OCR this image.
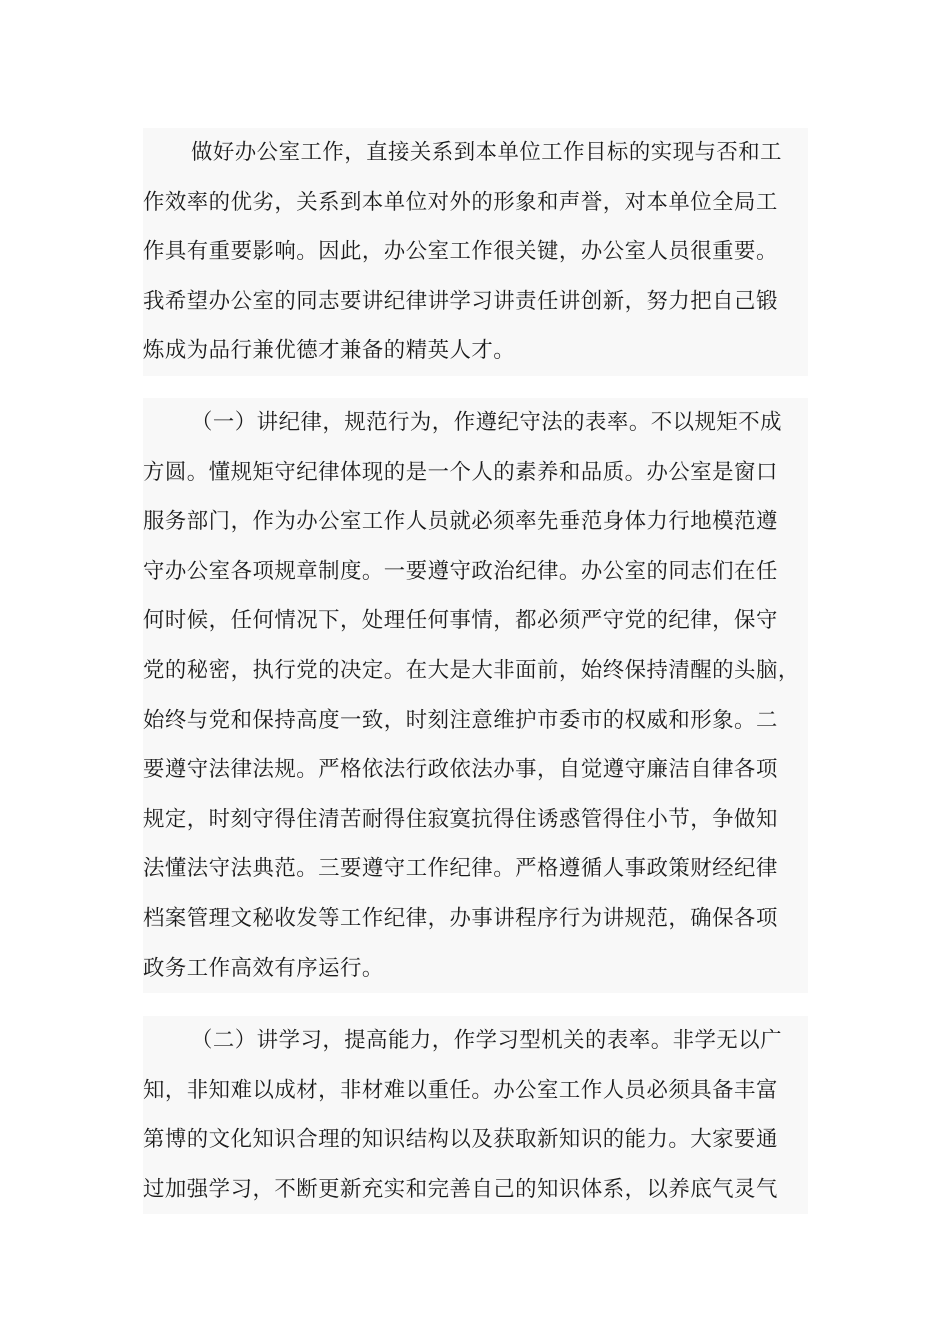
做好办公室工作，直接关系到本单位工作目标的实现与否和工
作效率的优劣，关系到本单位对外的形象和声誉，对本单位全局工
作具有重要影响。因此，办公室工作很关键，办公室人员很重要。
我希望办公室的同志要讲纪律讲学习讲责任讲创新，努力把自己锻
炼成为品行兼优德才兼备的精英人才。
（一）讲纪律，规范行为，作遵纪守法的表率。不以规矩不成
方圆。懂规矩守纪律体现的是一个人的素养和品质。办公室是窗口
服务部门，作为办公室工作人员就必须率先垂范身体力行地模范遵
守办公室各项规章制度。一要遵守政治纪律。办公室的同志们在任
何时候，任何情况下，处理任何事情，都必须严守党的纪律，保守
党的秘密，执行党的决定。在大是大非面前，始终保持清醒的头脑，
始终与党和保持高度一致，时刻注意维护市委市的权威和形象。二
要遵守法律法规。严格依法行政依法办事，自觉遵守廉洁自律各项
规定，时刻守得住清苦耐得住寂寞抗得住诱惑管得住小节，争做知
法懂法守法典范。三要遵守工作纪律。严格遵循人事政策财经纪律
档案管理文秘收发等工作纪律，办事讲程序行为讲规范，确保各项
政务工作高效有序运行。
（二）讲学习，提高能力，作学习型机关的表率。非学无以广
知，非知难以成材，非材难以重任。办公室工作人员必须具备丰富
第博的文化知识合理的知识结构以及获取新知识的能力。大家要通
过加强学习，不断更新充实和完善自己的知识体系，以养底气灵气
